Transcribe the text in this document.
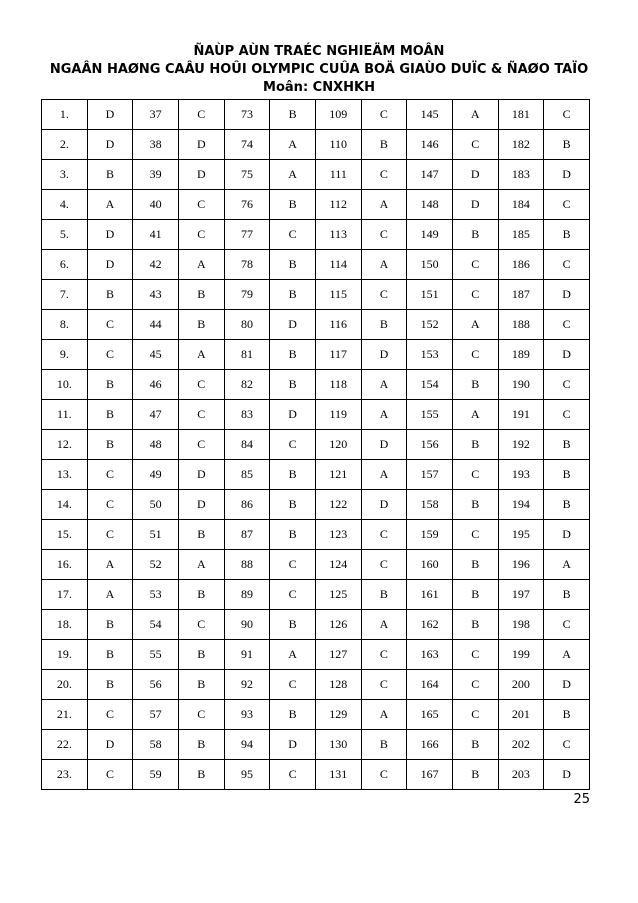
ÑAÙP AÙN TRAÉC NGHIEÄM MOÂN
NGAÂN HAØNG CAÂU HOÛI OLYMPIC CUÛA BOÄ GIAÙO DUÏC & ÑAØO TAÏO
Moân: CNXHKH
1.	D	37	C	73	B	109	C	145	A	181	C
2.	D	38	D	74	A	110	B	146	C	182	B
3.	B	39	D	75	A	111	C	147	D	183	D
4.	A	40	C	76	B	112	A	148	D	184	C
5.	D	41	C	77	C	113	C	149	B	185	B
6.	D	42	A	78	B	114	A	150	C	186	C
7.	B	43	B	79	B	115	C	151	C	187	D
8.	C	44	B	80	D	116	B	152	A	188	C
9.	C	45	A	81	B	117	D	153	C	189	D
10.	B	46	C	82	B	118	A	154	B	190	C
11.	B	47	C	83	D	119	A	155	A	191	C
12.	B	48	C	84	C	120	D	156	B	192	B
13.	C	49	D	85	B	121	A	157	C	193	B
14.	C	50	D	86	B	122	D	158	B	194	B
15.	C	51	B	87	B	123	C	159	C	195	D
16.	A	52	A	88	C	124	C	160	B	196	A
17.	A	53	B	89	C	125	B	161	B	197	B
18.	B	54	C	90	B	126	A	162	B	198	C
19.	B	55	B	91	A	127	C	163	C	199	A
20.	B	56	B	92	C	128	C	164	C	200	D
21.	C	57	C	93	B	129	A	165	C	201	B
22.	D	58	B	94	D	130	B	166	B	202	C
23.	C	59	B	95	C	131	C	167	B	203	D
25
